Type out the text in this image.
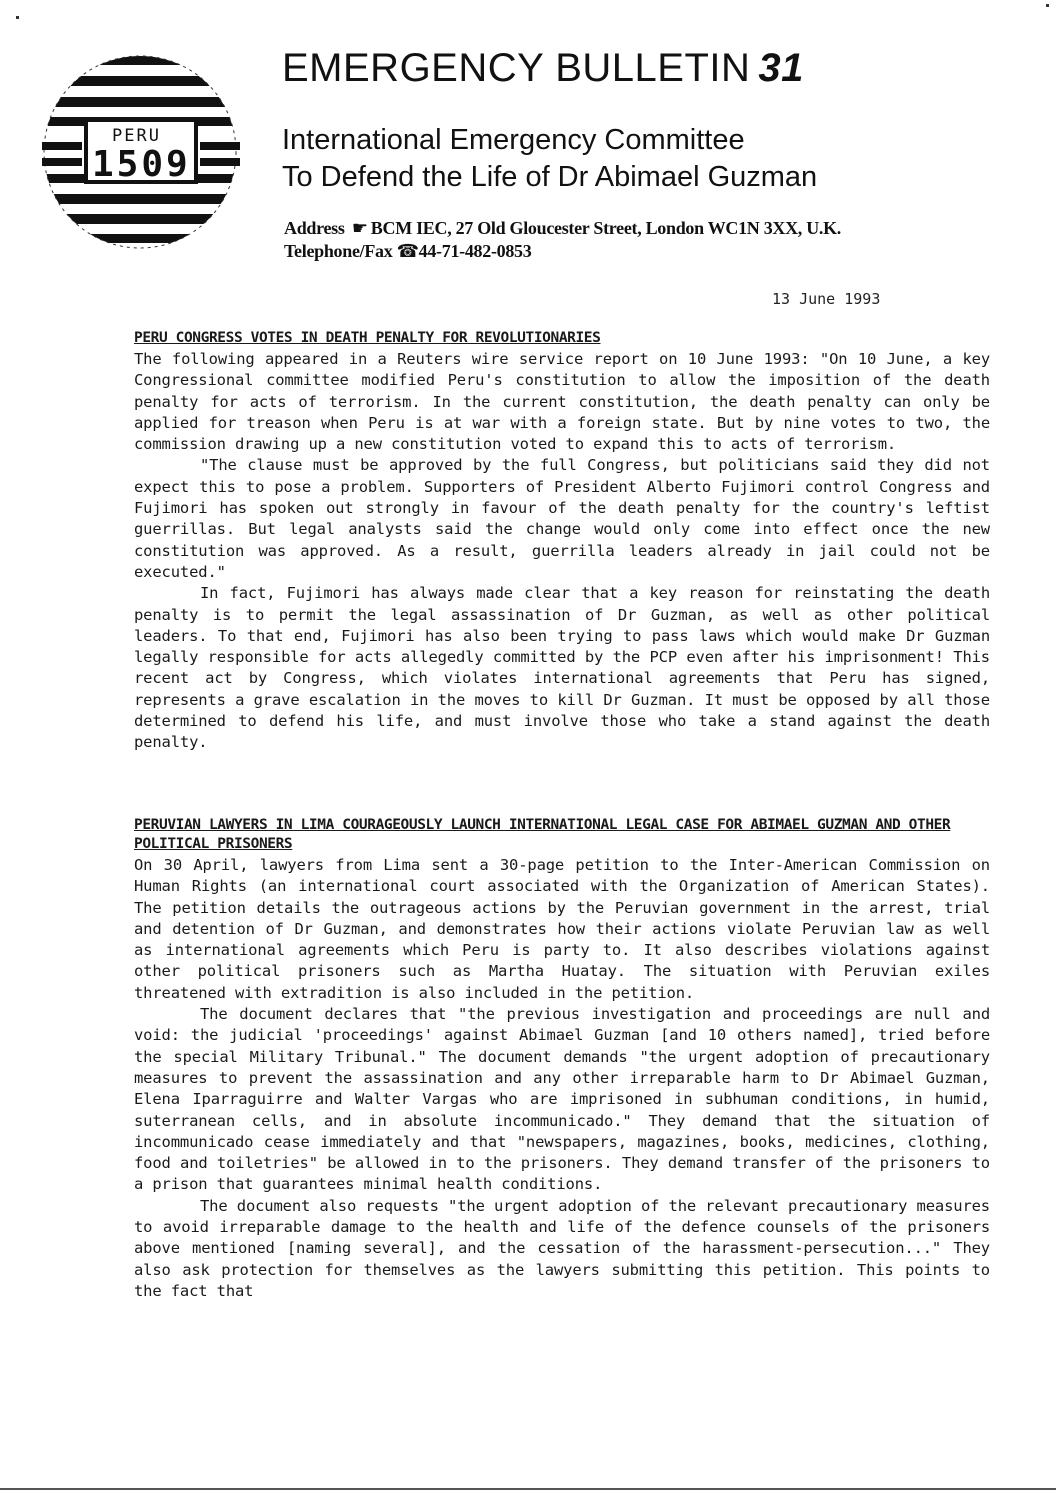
PERU
1509
EMERGENCY BULLETIN 31
International Emergency Committee
To Defend the Life of Dr Abimael Guzman
Address ☛ BCM IEC, 27 Old Gloucester Street, London WC1N 3XX, U.K.
Telephone/Fax ☎44-71-482-0853
13 June 1993
PERU CONGRESS VOTES IN DEATH PENALTY FOR REVOLUTIONARIES

The following appeared in a Reuters wire service report on 10 June 1993: "On 10 June, a key Congressional committee modified Peru's constitution to allow the imposition of the death penalty for acts of terrorism. In the current constitution, the death penalty can only be applied for treason when Peru is at war with a foreign state. But by nine votes to two, the commission drawing up a new constitution voted to expand this to acts of terrorism.

"The clause must be approved by the full Congress, but politicians said they did not expect this to pose a problem. Supporters of President Alberto Fujimori control Congress and Fujimori has spoken out strongly in favour of the death penalty for the country's leftist guerrillas. But legal analysts said the change would only come into effect once the new constitution was approved. As a result, guerrilla leaders already in jail could not be executed."

In fact, Fujimori has always made clear that a key reason for reinstating the death penalty is to permit the legal assassination of Dr Guzman, as well as other political leaders. To that end, Fujimori has also been trying to pass laws which would make Dr Guzman legally responsible for acts allegedly committed by the PCP even after his imprisonment! This recent act by Congress, which violates international agreements that Peru has signed, represents a grave escalation in the moves to kill Dr Guzman. It must be opposed by all those determined to defend his life, and must involve those who take a stand against the death penalty.

PERUVIAN LAWYERS IN LIMA COURAGEOUSLY LAUNCH INTERNATIONAL LEGAL CASE FOR ABIMAEL GUZMAN AND OTHER POLITICAL PRISONERS

On 30 April, lawyers from Lima sent a 30-page petition to the Inter-American Commission on Human Rights (an international court associated with the Organization of American States). The petition details the outrageous actions by the Peruvian government in the arrest, trial and detention of Dr Guzman, and demonstrates how their actions violate Peruvian law as well as international agreements which Peru is party to. It also describes violations against other political prisoners such as Martha Huatay. The situation with Peruvian exiles threatened with extradition is also included in the petition.

The document declares that "the previous investigation and proceedings are null and void: the judicial 'proceedings' against Abimael Guzman [and 10 others named], tried before the special Military Tribunal." The document demands "the urgent adoption of precautionary measures to prevent the assassination and any other irreparable harm to Dr Abimael Guzman, Elena Iparraguirre and Walter Vargas who are imprisoned in subhuman conditions, in humid, suterranean cells, and in absolute incommunicado." They demand that the situation of incommunicado cease immediately and that "newspapers, magazines, books, medicines, clothing, food and toiletries" be allowed in to the prisoners. They demand transfer of the prisoners to a prison that guarantees minimal health conditions.

The document also requests "the urgent adoption of the relevant precautionary measures to avoid irreparable damage to the health and life of the defence counsels of the prisoners above mentioned [naming several], and the cessation of the harassment-persecution..." They also ask protection for themselves as the lawyers submitting this petition. This points to the fact that
